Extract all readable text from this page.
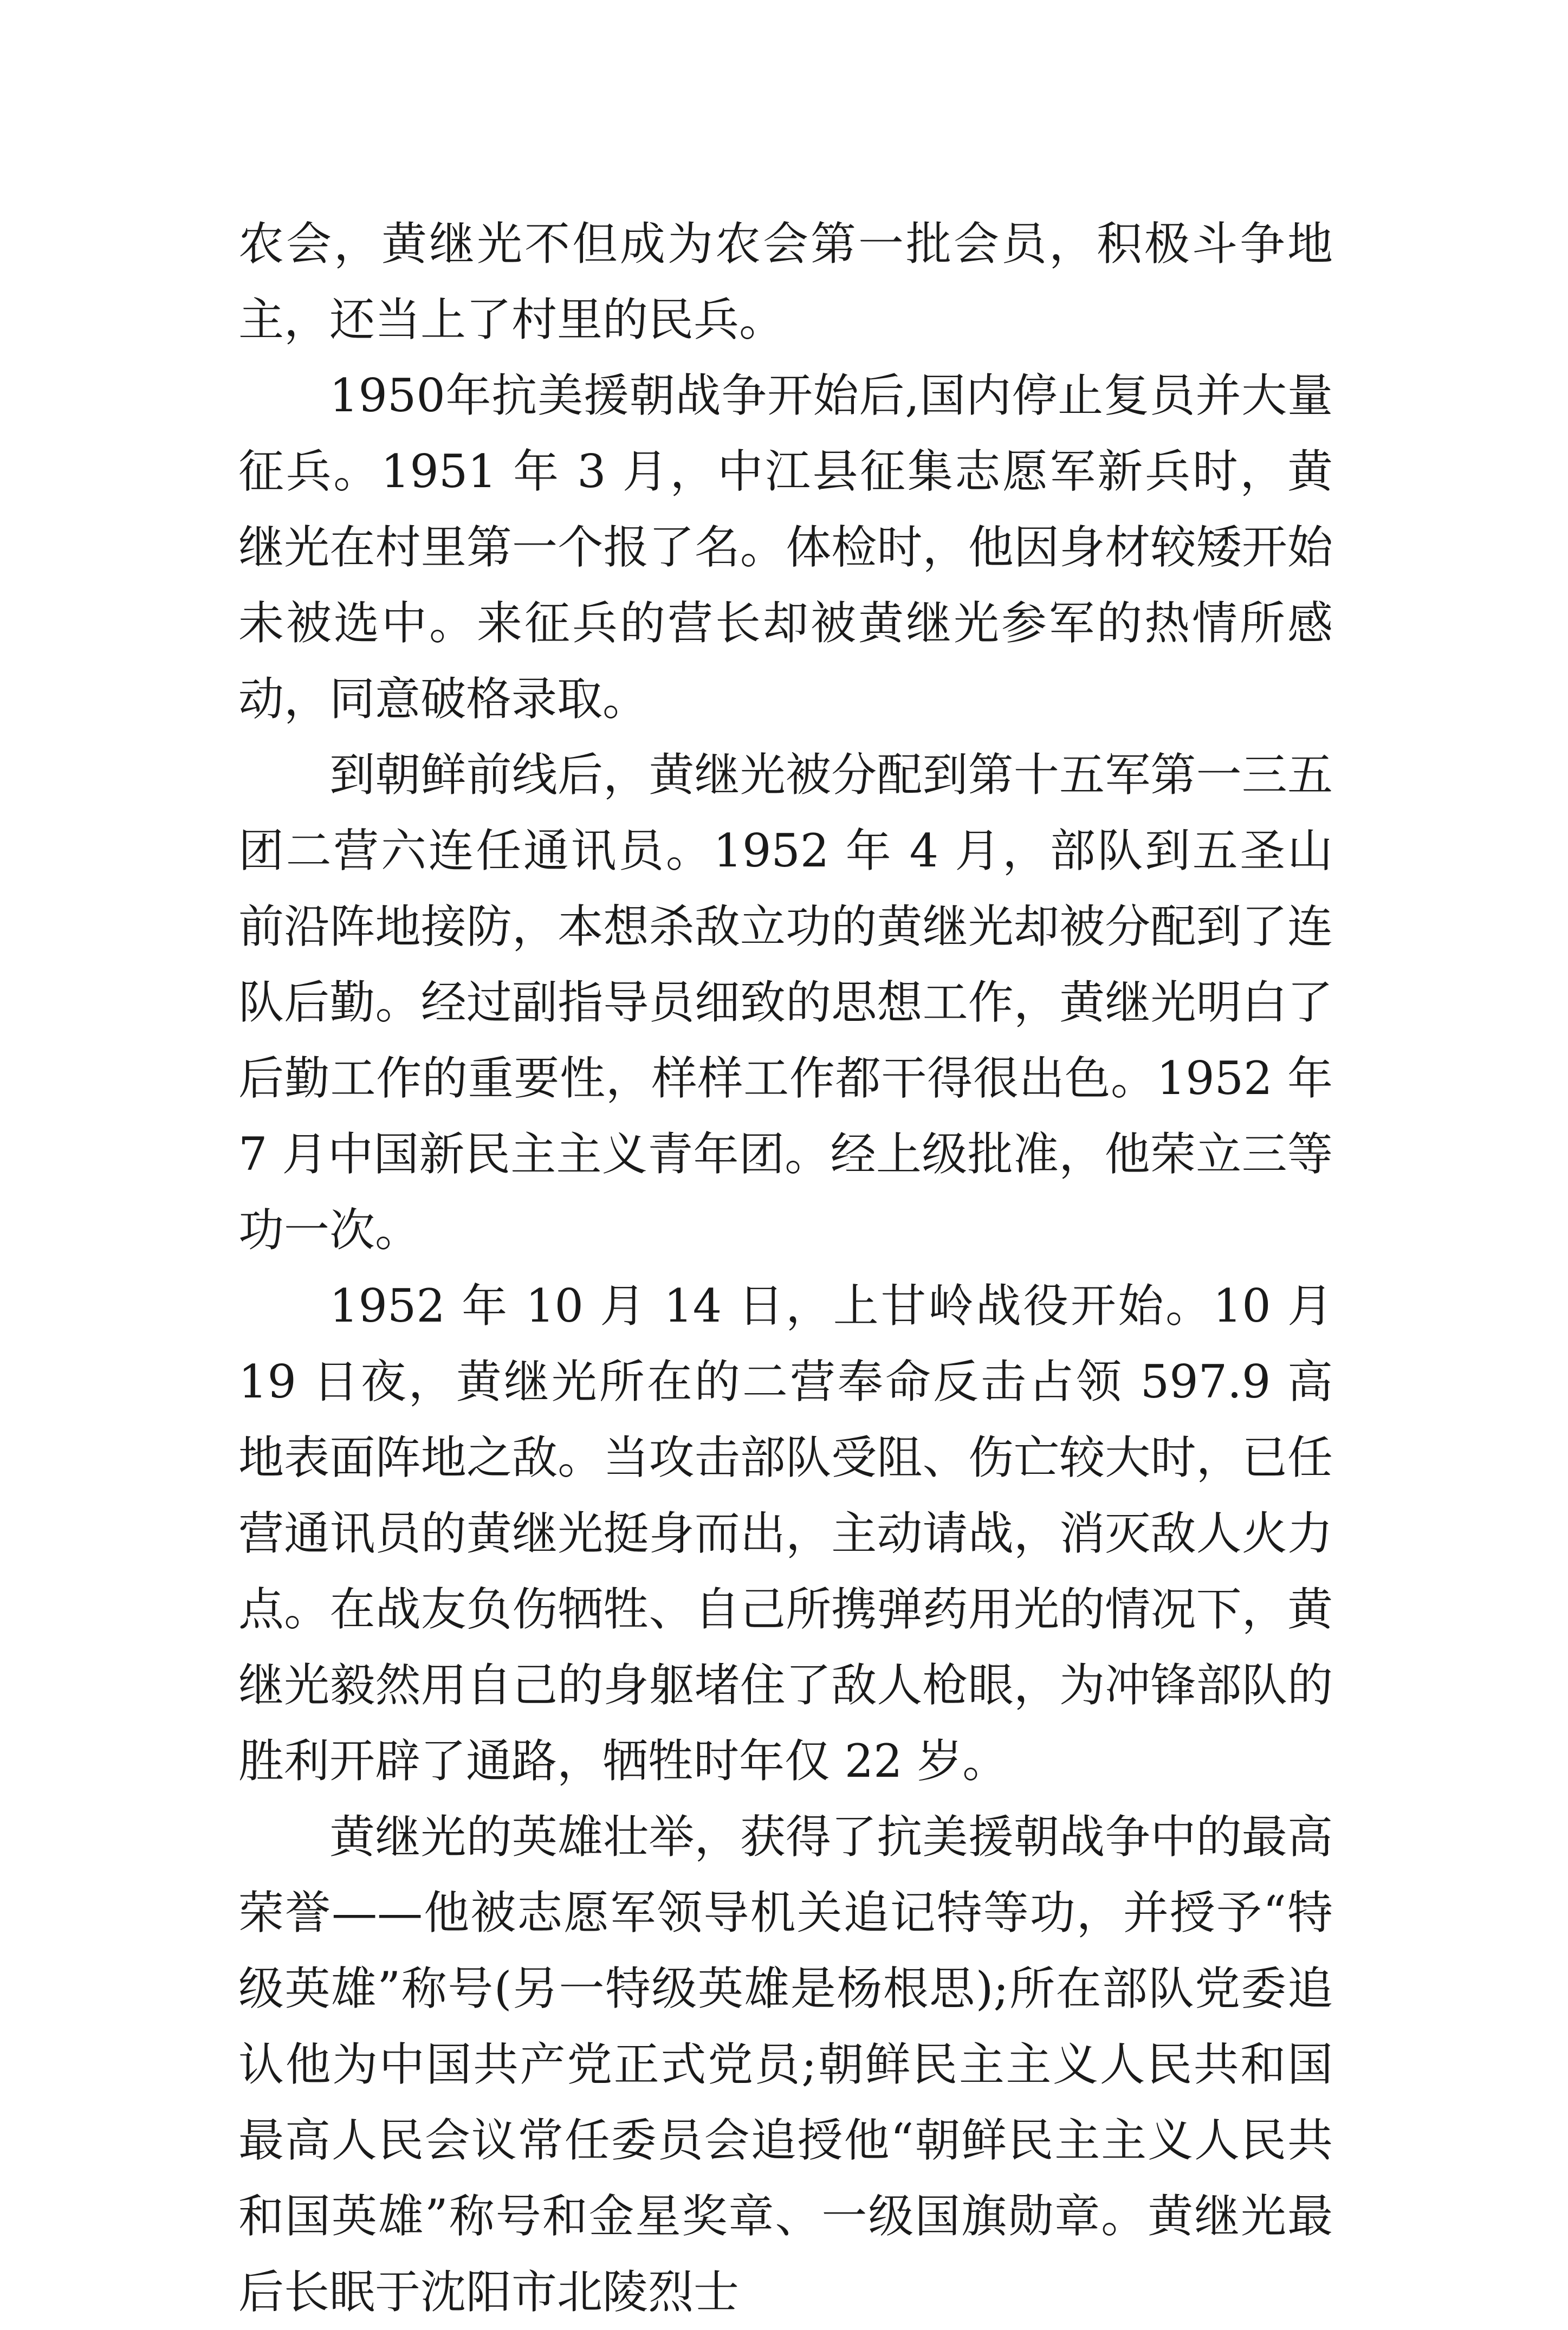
农会，黄继光不但成为农会第一批会员，积极斗争地主，还当上了村里的民兵。

1950年抗美援朝战争开始后,国内停止复员并大量征兵。1951 年 3 月，中江县征集志愿军新兵时，黄继光在村里第一个报了名。体检时，他因身材较矮开始未被选中。来征兵的营长却被黄继光参军的热情所感动，同意破格录取。

到朝鲜前线后，黄继光被分配到第十五军第一三五团二营六连任通讯员。1952 年 4 月，部队到五圣山前沿阵地接防，本想杀敌立功的黄继光却被分配到了连队后勤。经过副指导员细致的思想工作，黄继光明白了后勤工作的重要性，样样工作都干得很出色。1952 年 7 月中国新民主主义青年团。经上级批准，他荣立三等功一次。

1952 年 10 月 14 日，上甘岭战役开始。10 月 19 日夜，黄继光所在的二营奉命反击占领 597.9 高地表面阵地之敌。当攻击部队受阻、伤亡较大时，已任营通讯员的黄继光挺身而出，主动请战，消灭敌人火力点。在战友负伤牺牲、自己所携弹药用光的情况下，黄继光毅然用自己的身躯堵住了敌人枪眼，为冲锋部队的胜利开辟了通路，牺牲时年仅 22 岁。

黄继光的英雄壮举，获得了抗美援朝战争中的最高荣誉——他被志愿军领导机关追记特等功，并授予“特级英雄”称号(另一特级英雄是杨根思);所在部队党委追认他为中国共产党正式党员;朝鲜民主主义人民共和国最高人民会议常任委员会追授他“朝鲜民主主义人民共和国英雄”称号和金星奖章、一级国旗勋章。黄继光最后长眠于沈阳市北陵烈士
